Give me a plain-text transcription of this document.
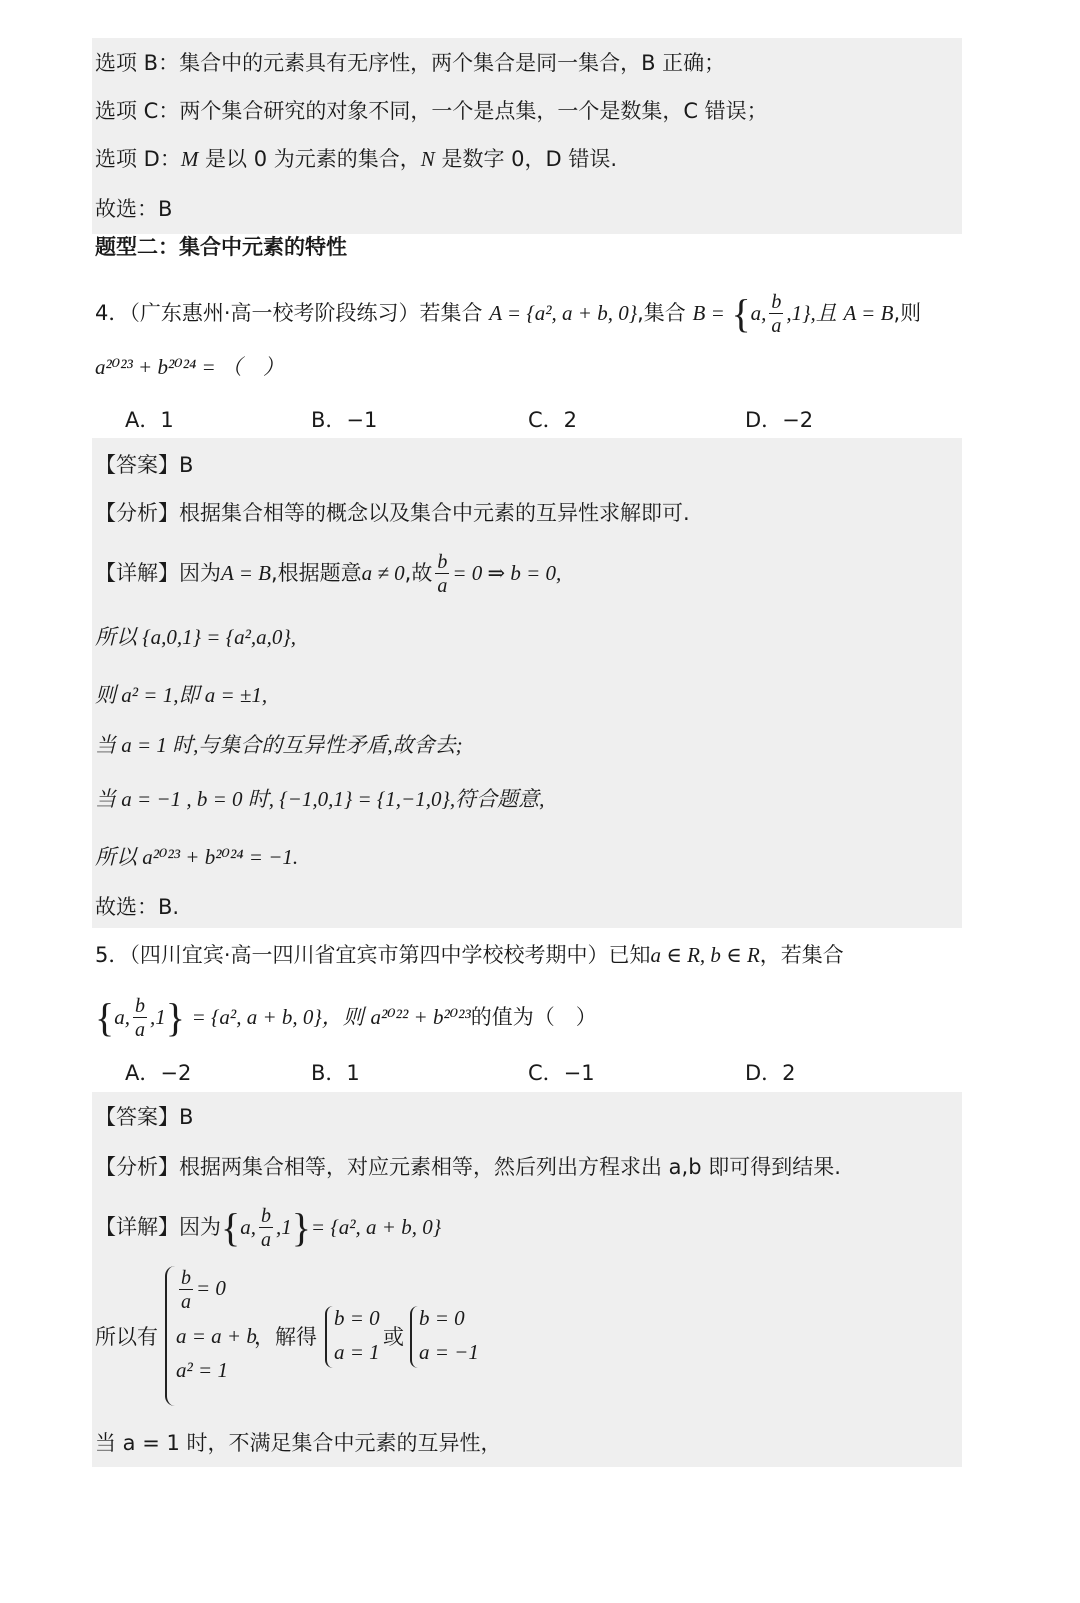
选项 B：集合中的元素具有无序性，两个集合是同一集合，B 正确；
选项 C：两个集合研究的对象不同，一个是点集，一个是数集，C 错误；
选项 D：M 是以 0 为元素的集合，N 是数字 0，D 错误.
故选：B
题型二：集合中元素的特性
4．（广东惠州·高一校考阶段练习）若集合 A = {a², a + b, 0},集合 B = {a, $\frac{b}{a} ,1$},且 A = B,则
a²⁰²³ + b²⁰²⁴ = （　）
A．1	B．−1	C．2	D．−2
【答案】B
【分析】根据集合相等的概念以及集合中元素的互异性求解即可.
【详解】因为A = B,根据题意a ≠ 0,故 $\frac{b}{a} = 0$ ⇒ b = 0,
所以 {a,0,1} = {a²,a,0},
则 a² = 1,即 a = ±1,
当 a = 1 时,与集合的互异性矛盾,故舍去;
当 a = −1 , b = 0 时, {−1,0,1} = {1,−1,0},符合题意,
所以 a²⁰²³ + b²⁰²⁴ = −1.
故选：B.
5．（四川宜宾·高一四川省宜宾市第四中学校校考期中）已知a ∈ R, b ∈ R，若集合
{a, $\frac{b}{a} ,1\} = \{a^2$, a + b, 0}，则 a²⁰²² + b²⁰²³的值为（　）
A．−2	B．1	C．−1	D．2
【答案】B
【分析】根据两集合相等，对应元素相等，然后列出方程求出 a,b 即可得到结果.
【详解】因为{a, $\frac{b}{a} ,1\}= \{a^2$, a + b, 0}
所以有
$\frac{b}{a} = 0$
a = a + b
a² = 1
，解得
b = 0
a = 1
或
b = 0
a = −1
当 a = 1 时，不满足集合中元素的互异性，
